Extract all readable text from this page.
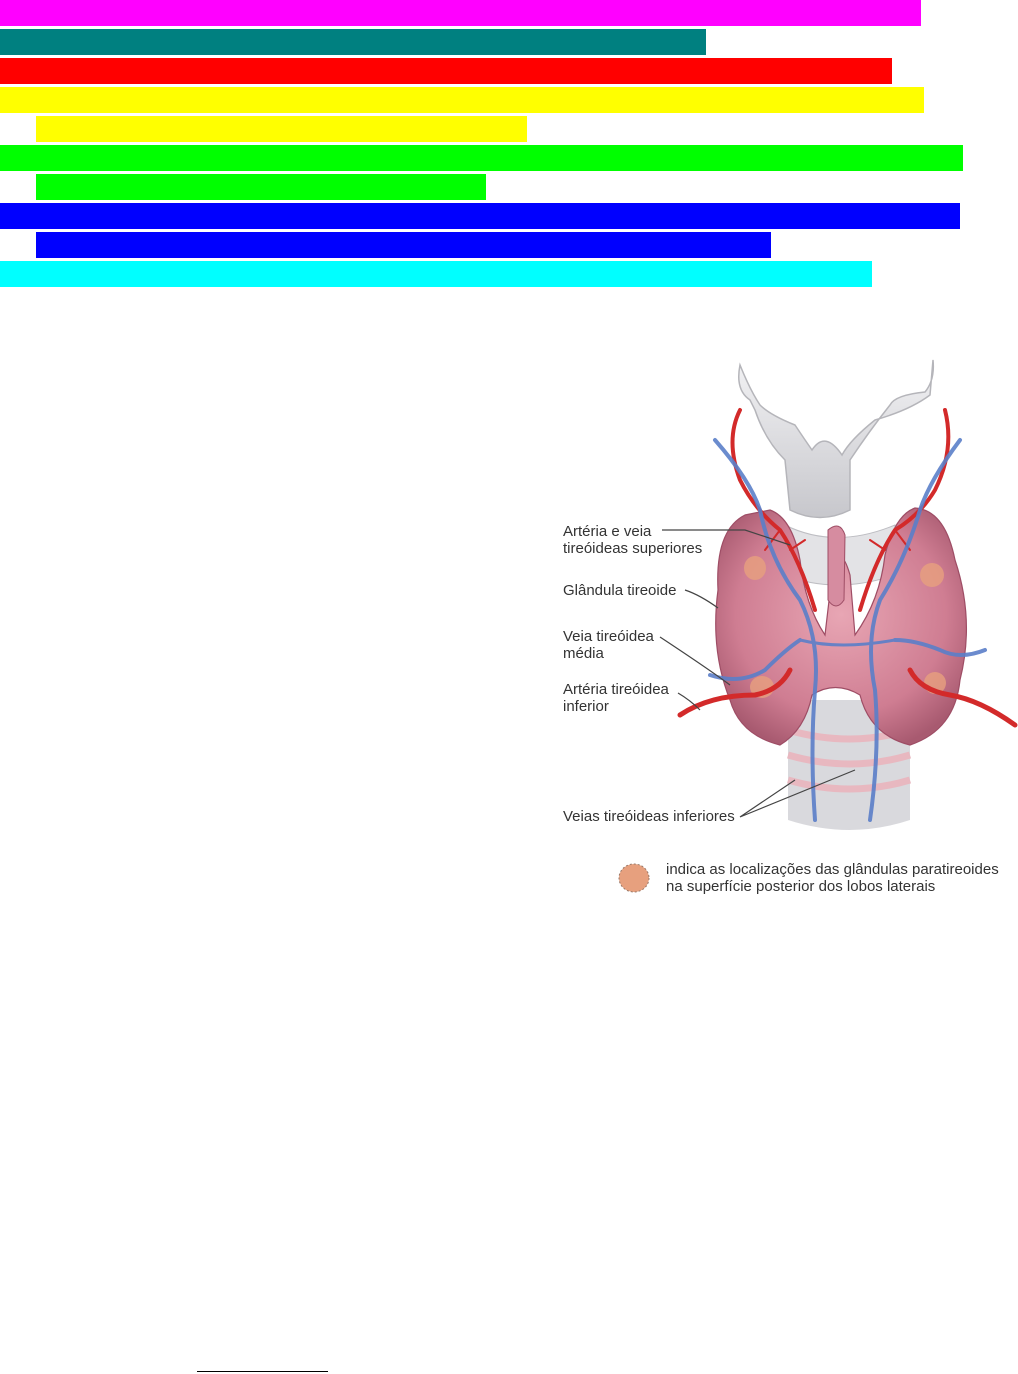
Artéria e veia tireóideas superiores
Glândula tireoide
Veia tireóidea média
Artéria tireóidea inferior
Veias tireóideas inferiores
indica as localizações das glândulas paratireoides
na superfície posterior dos lobos laterais
